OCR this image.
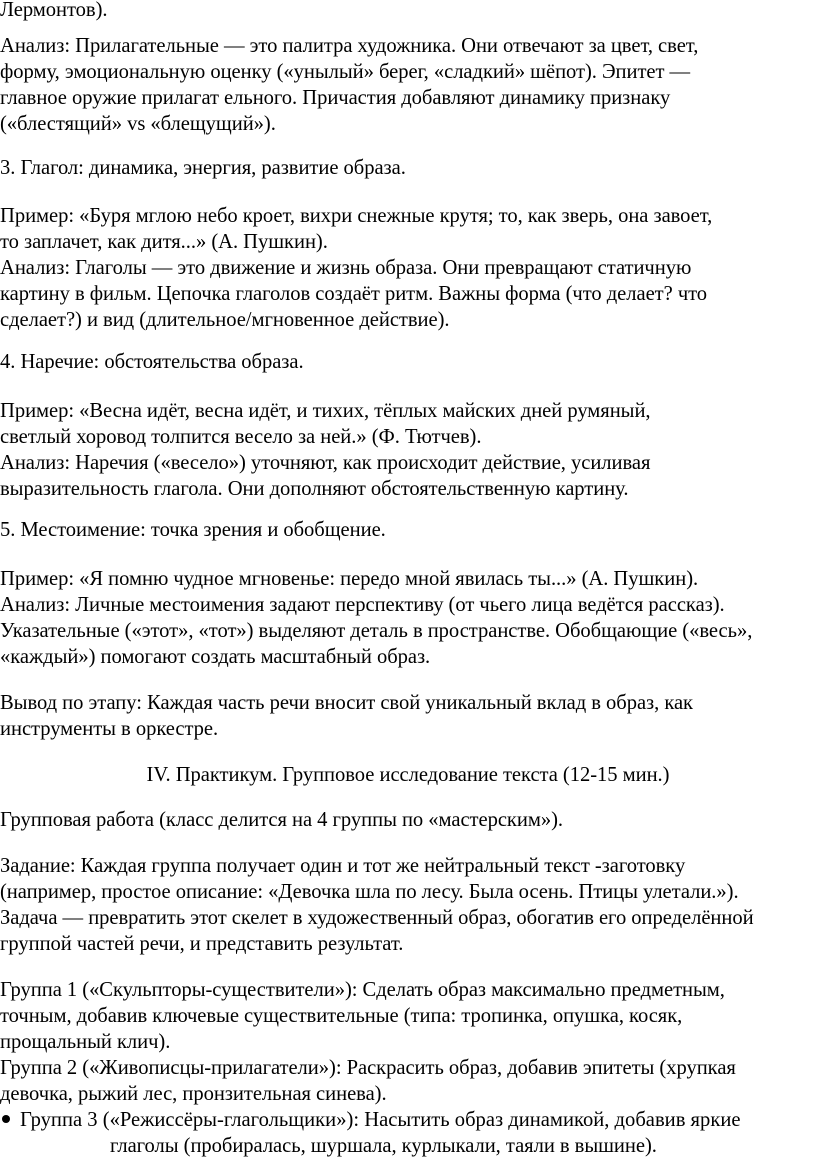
Лермонтов).
Анализ: Прилагательные — это палитра художника. Они отвечают за цвет, свет,
форму, эмоциональную оценку («унылый» берег, «сладкий» шёпот). Эпитет —
главное оружие прилагат ельного. Причастия добавляют динамику признаку
(«блестящий» vs «блещущий»).
3. Глагол: динамика, энергия, развитие образа.
Пример: «Буря мглою небо кроет, вихри снежные крутя; то, как зверь, она завоет,
то заплачет, как дитя...» (А. Пушкин).
Анализ: Глаголы — это движение и жизнь образа. Они превращают статичную
картину в фильм. Цепочка глаголов создаёт ритм. Важны форма (что делает? что
сделает?) и вид (длительное/мгновенное действие).
4. Наречие: обстоятельства образа.
Пример: «Весна идёт, весна идёт, и тихих, тёплых майских дней румяный,
светлый хоровод толпится весело за ней.» (Ф. Тютчев).
Анализ: Наречия («весело») уточняют, как происходит действие, усиливая
выразительность глагола. Они дополняют обстоятельственную картину.
5. Местоимение: точка зрения и обобщение.
Пример: «Я помню чудное мгновенье: передо мной явилась ты...» (А. Пушкин).
Анализ: Личные местоимения задают перспективу (от чьего лица ведётся рассказ).
Указательные («этот», «тот») выделяют деталь в пространстве. Обобщающие («весь»,
«каждый») помогают создать масштабный образ.
Вывод по этапу: Каждая часть речи вносит свой уникальный вклад в образ, как
инструменты в оркестре.
IV. Практикум. Групповое исследование текста (12-15 мин.)
Групповая работа (класс делится на 4 группы по «мастерским»).
Задание: Каждая группа получает один и тот же нейтральный текст -заготовку
(например, простое описание: «Девочка шла по лесу. Была осень. Птицы улетали.»).
Задача — превратить этот скелет в художественный образ, обогатив его определённой
группой частей речи, и представить результат.
Группа 1 («Скульпторы-существители»): Сделать образ максимально предметным,
точным, добавив ключевые существительные (типа: тропинка, опушка, косяк,
прощальный клич).
Группа 2 («Живописцы-прилагатели»): Раскрасить образ, добавив эпитеты (хрупкая
девочка, рыжий лес, пронзительная синева).
Группа 3 («Режиссёры-глагольщики»): Насытить образ динамикой, добавив яркие
глаголы (пробиралась, шуршала, курлыкали, таяли в вышине).
